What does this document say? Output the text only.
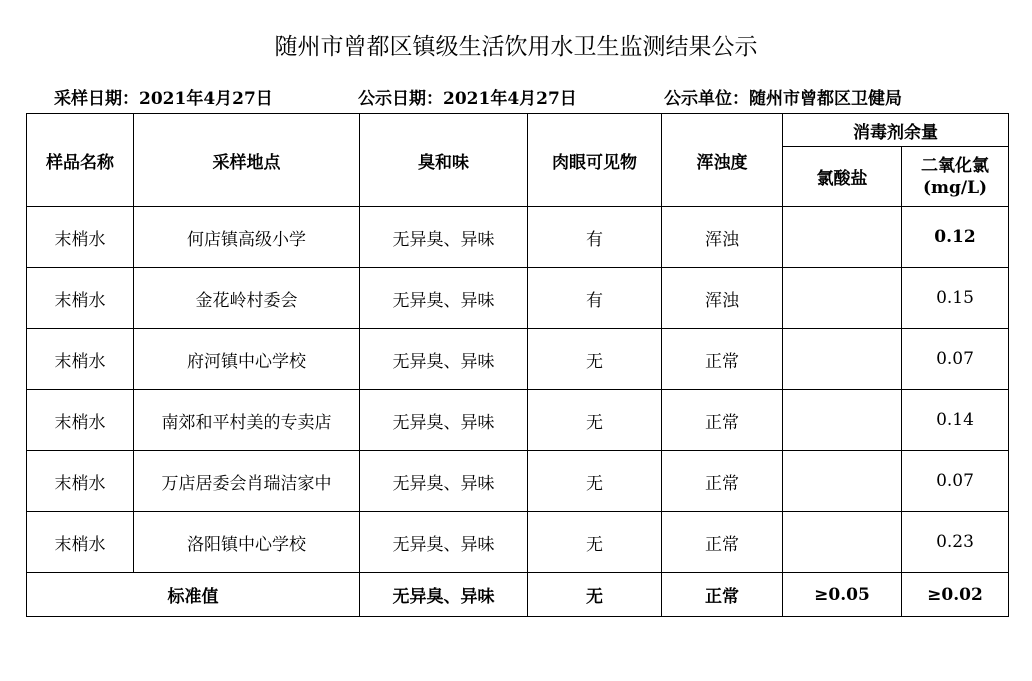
随州市曾都区镇级生活饮用水卫生监测结果公示
采样日期：2021年4月27日	公示日期：2021年4月27日	公示单位：随州市曾都区卫健局
样品名称	采样地点	臭和味	肉眼可见物	浑浊度	消毒剂余量	
					氯酸盐	二氧化氯
(mg/L)

末梢水	何店镇高级小学	无异臭、异味	有	浑浊		0.12
末梢水	金花岭村委会	无异臭、异味	有	浑浊		0.15
末梢水	府河镇中心学校	无异臭、异味	无	正常		0.07
末梢水	南郊和平村美的专卖店	无异臭、异味	无	正常		0.14
末梢水	万店居委会肖瑞洁家中	无异臭、异味	无	正常		0.07
末梢水	洛阳镇中心学校	无异臭、异味	无	正常		0.23
标准值		无异臭、异味	无	正常	≥0.05	≥0.02
